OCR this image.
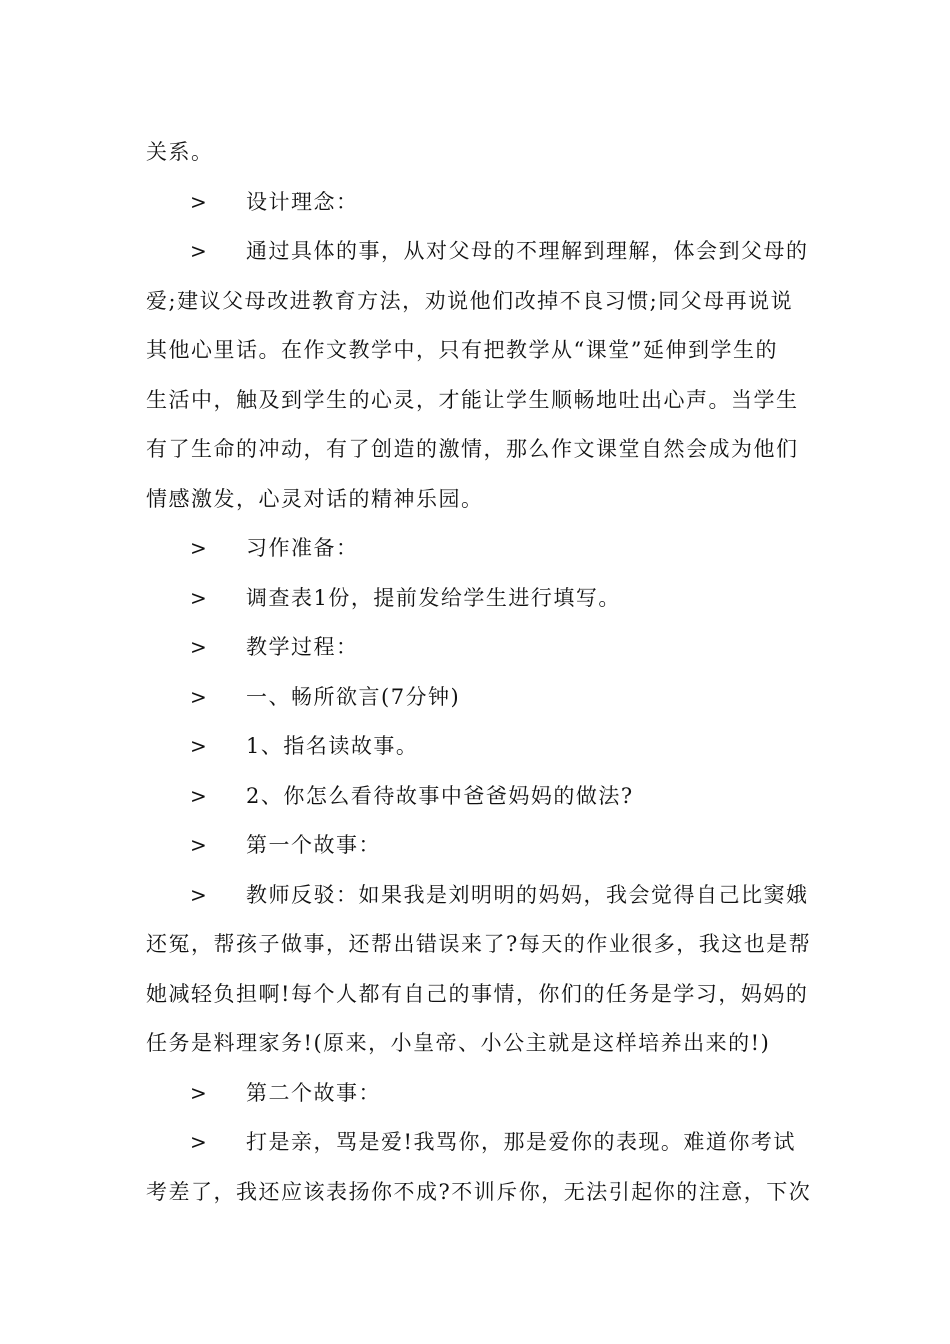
关系。
> 设计理念：
> 通过具体的事，从对父母的不理解到理解，体会到父母的
爱;建议父母改进教育方法，劝说他们改掉不良习惯;同父母再说说
其他心里话。在作文教学中，只有把教学从“课堂”延伸到学生的
生活中，触及到学生的心灵，才能让学生顺畅地吐出心声。当学生
有了生命的冲动，有了创造的激情，那么作文课堂自然会成为他们
情感激发，心灵对话的精神乐园。
> 习作准备：
> 调查表1份，提前发给学生进行填写。
> 教学过程：
> 一、畅所欲言(7分钟)
> 1、指名读故事。
> 2、你怎么看待故事中爸爸妈妈的做法?
> 第一个故事：
> 教师反驳：如果我是刘明明的妈妈，我会觉得自己比窦娥
还冤，帮孩子做事，还帮出错误来了?每天的作业很多，我这也是帮
她减轻负担啊!每个人都有自己的事情，你们的任务是学习，妈妈的
任务是料理家务!(原来，小皇帝、小公主就是这样培养出来的!)
> 第二个故事：
> 打是亲，骂是爱!我骂你，那是爱你的表现。难道你考试
考差了，我还应该表扬你不成?不训斥你，无法引起你的注意，下次
